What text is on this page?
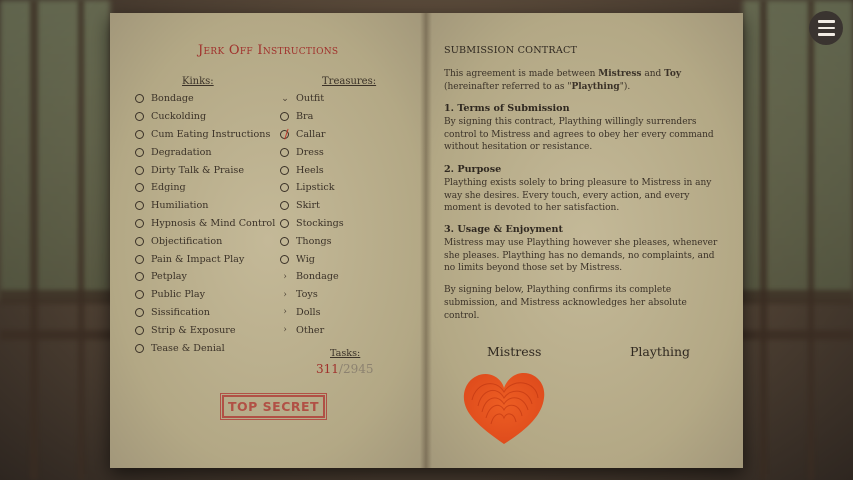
Jerk Off Instructions
Kinks:	Treasures:
Bondage
Cuckolding
Cum Eating Instructions
Degradation
Dirty Talk & Praise
Edging
Humiliation
Hypnosis & Mind Control
Objectification
Pain & Impact Play
Petplay
Public Play
Sissification
Strip & Exposure
Tease & Denial
⌄ Outfit
Bra
Callar
Dress
Heels
Lipstick
Skirt
Stockings
Thongs
Wig
› Bondage
› Toys
› Dolls
› Other
Tasks:
311/2945
TOP SECRET
SUBMISSION CONTRACT

This agreement is made between Mistress and Toy (hereinafter referred to as "Plaything").

1. Terms of Submission

By signing this contract, Plaything willingly surrenders control to Mistress and agrees to obey her every command without hesitation or resistance.

2. Purpose

Plaything exists solely to bring pleasure to Mistress in any way she desires. Every touch, every action, and every moment is devoted to her satisfaction.

3. Usage & Enjoyment

Mistress may use Plaything however she pleases, whenever she pleases. Plaything has no demands, no complaints, and no limits beyond those set by Mistress.

By signing below, Plaything confirms its complete submission, and Mistress acknowledges her absolute control.

Mistress	Plaything
